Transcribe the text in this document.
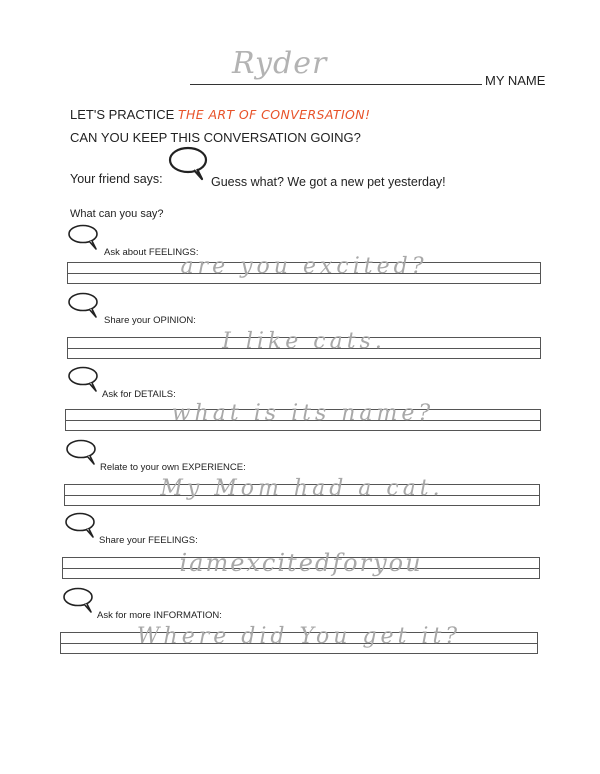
Ryder	MY NAME
LET'S PRACTICE THE ART OF CONVERSATION!
CAN YOU KEEP THIS CONVERSATION GOING?
Your friend says:	Guess what? We got a new pet yesterday!
What can you say?
Ask about FEELINGS:
are you excited?
Share your OPINION:
I like cats.
Ask for DETAILS:
what is its name?
Relate to your own EXPERIENCE:
My Mom had a cat.
Share your FEELINGS:
iamexcitedforyou
Ask for more INFORMATION:
Where did You get it?
